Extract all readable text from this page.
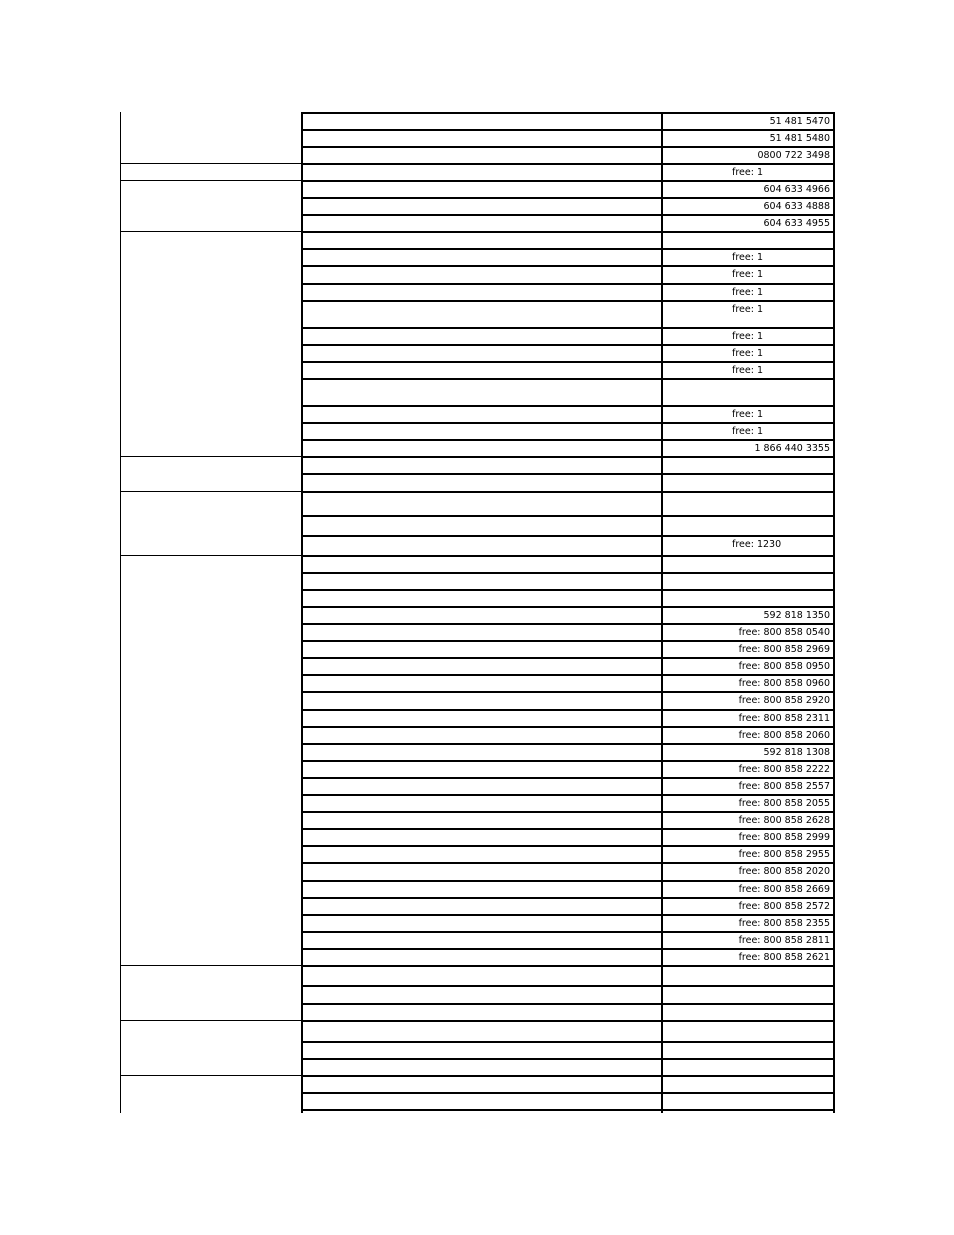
51 481 5470
51 481 5480
0800 722 3498
free: 1
604 633 4966
604 633 4888
604 633 4955
free: 1
free: 1
free: 1
free: 1
free: 1
free: 1
free: 1
free: 1
free: 1
1 866 440 3355
free: 1230
592 818 1350
free: 800 858 0540
free: 800 858 2969
free: 800 858 0950
free: 800 858 0960
free: 800 858 2920
free: 800 858 2311
free: 800 858 2060
592 818 1308
free: 800 858 2222
free: 800 858 2557
free: 800 858 2055
free: 800 858 2628
free: 800 858 2999
free: 800 858 2955
free: 800 858 2020
free: 800 858 2669
free: 800 858 2572
free: 800 858 2355
free: 800 858 2811
free: 800 858 2621
